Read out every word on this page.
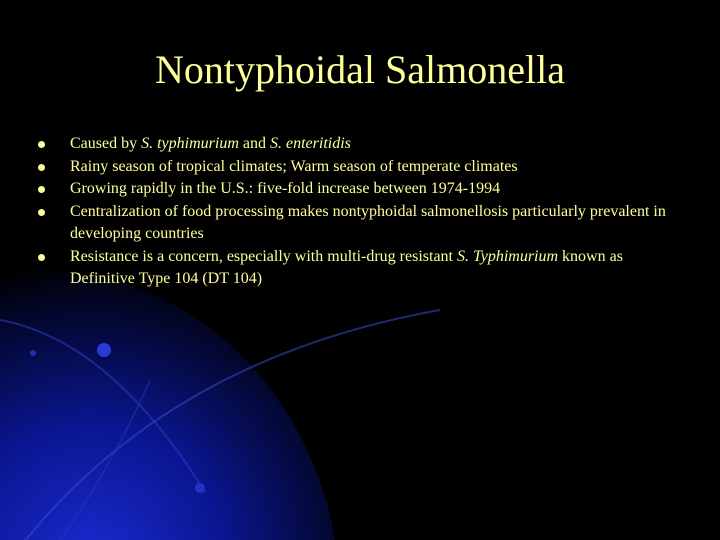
Nontyphoidal Salmonella
Caused by S. typhimurium and S. enteritidis
Rainy season of tropical climates; Warm season of temperate climates
Growing rapidly in the U.S.: five-fold increase between 1974-1994
Centralization of food processing makes nontyphoidal salmonellosis particularly prevalent in developing countries
Resistance is a concern, especially with multi-drug resistant S. Typhimurium known as Definitive Type 104 (DT 104)
